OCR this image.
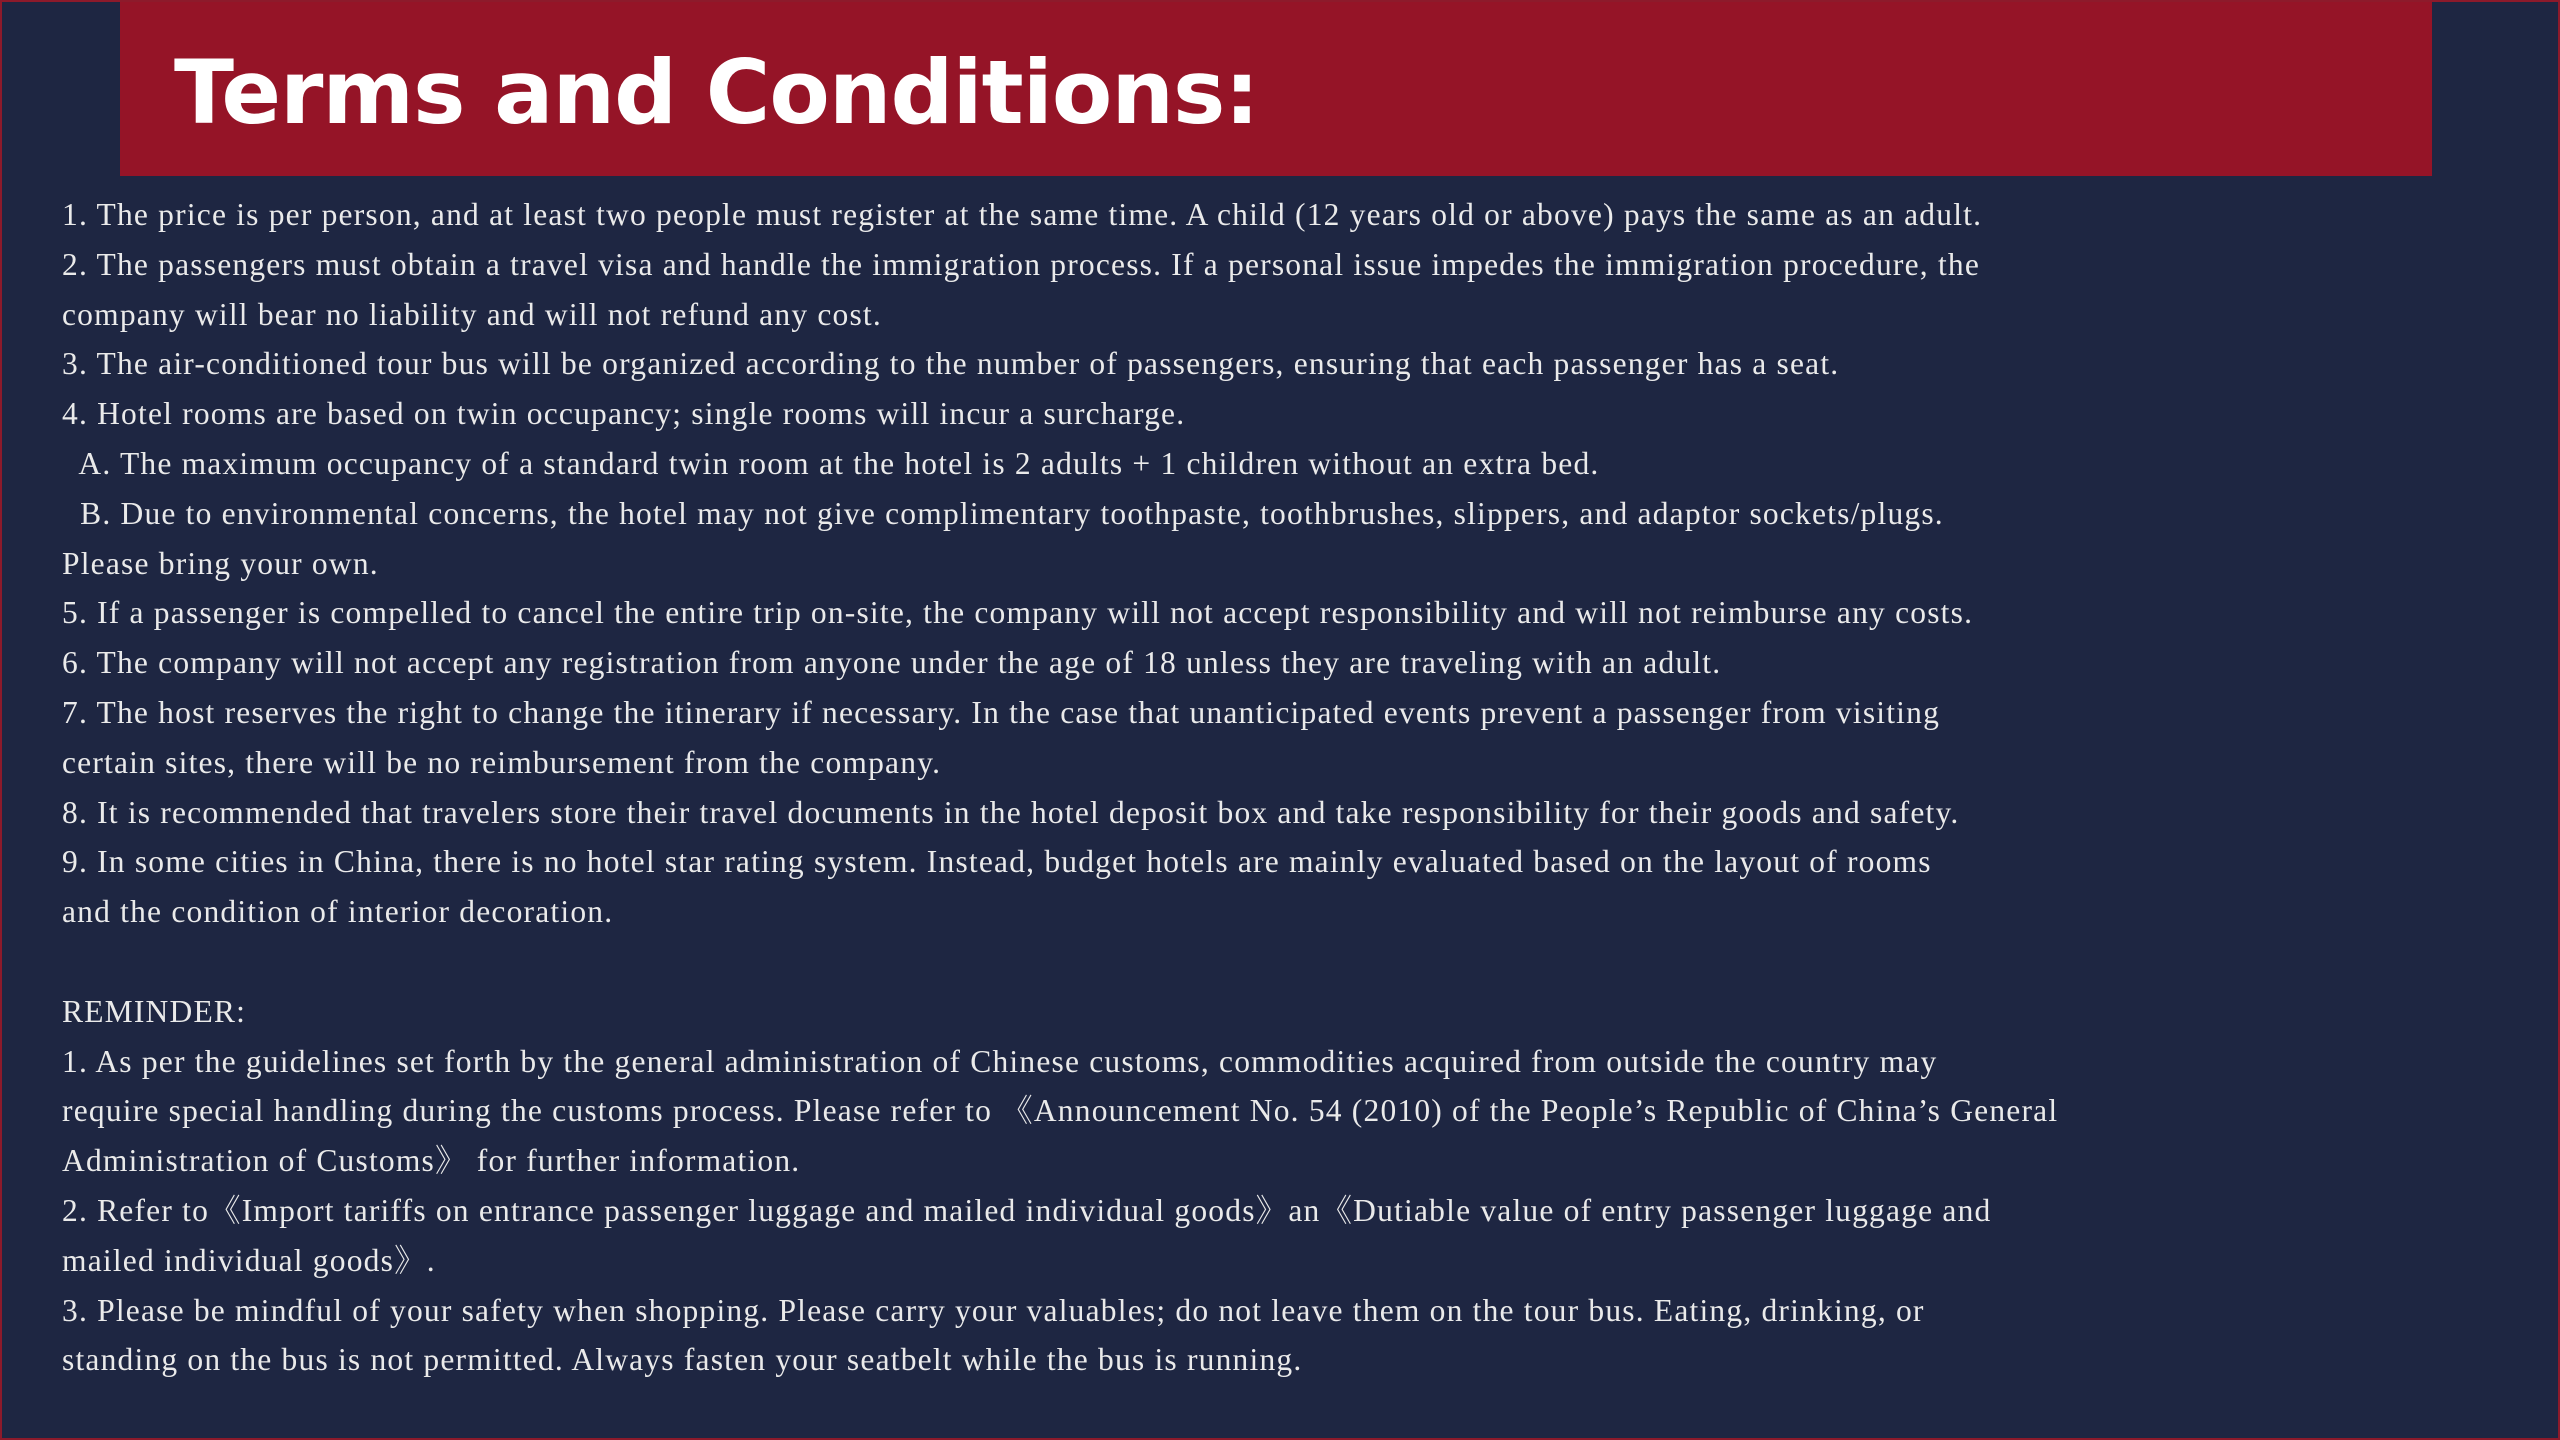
Terms and Conditions:
1. The price is per person, and at least two people must register at the same time. A child (12 years old or above) pays the same as an adult.
2. The passengers must obtain a travel visa and handle the immigration process. If a personal issue impedes the immigration procedure, the
company will bear no liability and will not refund any cost.
3. The air-conditioned tour bus will be organized according to the number of passengers, ensuring that each passenger has a seat.
4. Hotel rooms are based on twin occupancy; single rooms will incur a surcharge.
A. The maximum occupancy of a standard twin room at the hotel is 2 adults + 1 children without an extra bed.
B. Due to environmental concerns, the hotel may not give complimentary toothpaste, toothbrushes, slippers, and adaptor sockets/plugs.
Please bring your own.
5. If a passenger is compelled to cancel the entire trip on-site, the company will not accept responsibility and will not reimburse any costs.
6. The company will not accept any registration from anyone under the age of 18 unless they are traveling with an adult.
7. The host reserves the right to change the itinerary if necessary. In the case that unanticipated events prevent a passenger from visiting
certain sites, there will be no reimbursement from the company.
8. It is recommended that travelers store their travel documents in the hotel deposit box and take responsibility for their goods and safety.
9. In some cities in China, there is no hotel star rating system. Instead, budget hotels are mainly evaluated based on the layout of rooms
and the condition of interior decoration.
REMINDER:
1. As per the guidelines set forth by the general administration of Chinese customs, commodities acquired from outside the country may
require special handling during the customs process. Please refer to 《Announcement No. 54 (2010) of the People’s Republic of China’s General
Administration of Customs》 for further information.
2. Refer to《Import tariffs on entrance passenger luggage and mailed individual goods》an《Dutiable value of entry passenger luggage and
mailed individual goods》.
3. Please be mindful of your safety when shopping. Please carry your valuables; do not leave them on the tour bus. Eating, drinking, or
standing on the bus is not permitted. Always fasten your seatbelt while the bus is running.
